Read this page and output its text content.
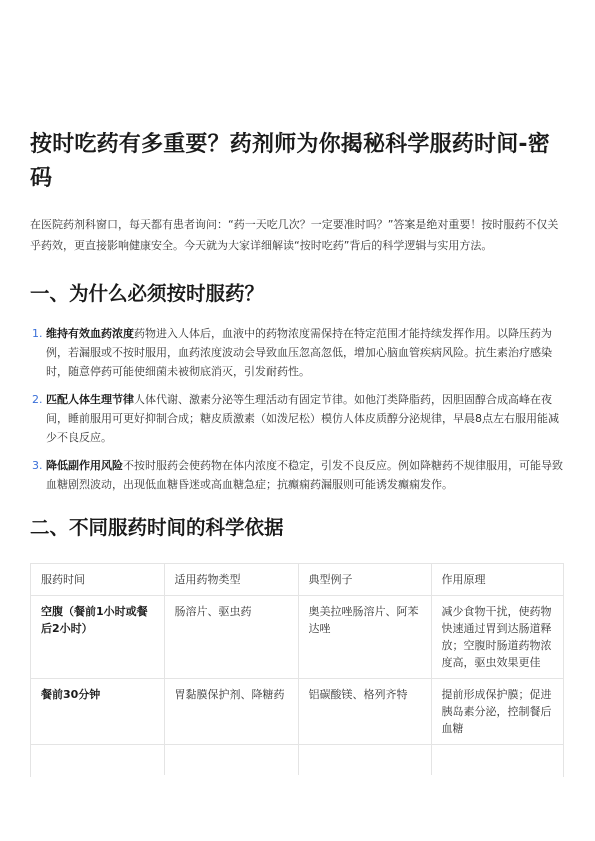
按时吃药有多重要？药剂师为你揭秘科学服药时间-密码

在医院药剂科窗口，每天都有患者询问：“药一天吃几次？一定要准时吗？”答案是绝对重要！按时服药不仅关乎药效，更直接影响健康安全。今天就为大家详细解读“按时吃药”背后的科学逻辑与实用方法。

一、为什么必须按时服药？
1. 维持有效血药浓度药物进入人体后，血液中的药物浓度需保持在特定范围才能持续发挥作用。以降压药为例，若漏服或不按时服用，血药浓度波动会导致血压忽高忽低，增加心脑血管疾病风险。抗生素治疗感染时，随意停药可能使细菌未被彻底消灭，引发耐药性。
2. 匹配人体生理节律人体代谢、激素分泌等生理活动有固定节律。如他汀类降脂药，因胆固醇合成高峰在夜间，睡前服用可更好抑制合成；糖皮质激素（如泼尼松）模仿人体皮质醇分泌规律，早晨8点左右服用能减少不良反应。
3. 降低副作用风险不按时服药会使药物在体内浓度不稳定，引发不良反应。例如降糖药不规律服用，可能导致血糖剧烈波动，出现低血糖昏迷或高血糖急症；抗癫痫药漏服则可能诱发癫痫发作。
二、不同服药时间的科学依据
服药时间	适用药物类型	典型例子	作用原理
空腹（餐前1小时或餐后2小时）	肠溶片、驱虫药	奥美拉唑肠溶片、阿苯达唑	减少食物干扰，使药物快速通过胃到达肠道释放；空腹时肠道药物浓度高，驱虫效果更佳
餐前30分钟	胃黏膜保护剂、降糖药	铝碳酸镁、格列齐特	提前形成保护膜；促进胰岛素分泌，控制餐后血糖
